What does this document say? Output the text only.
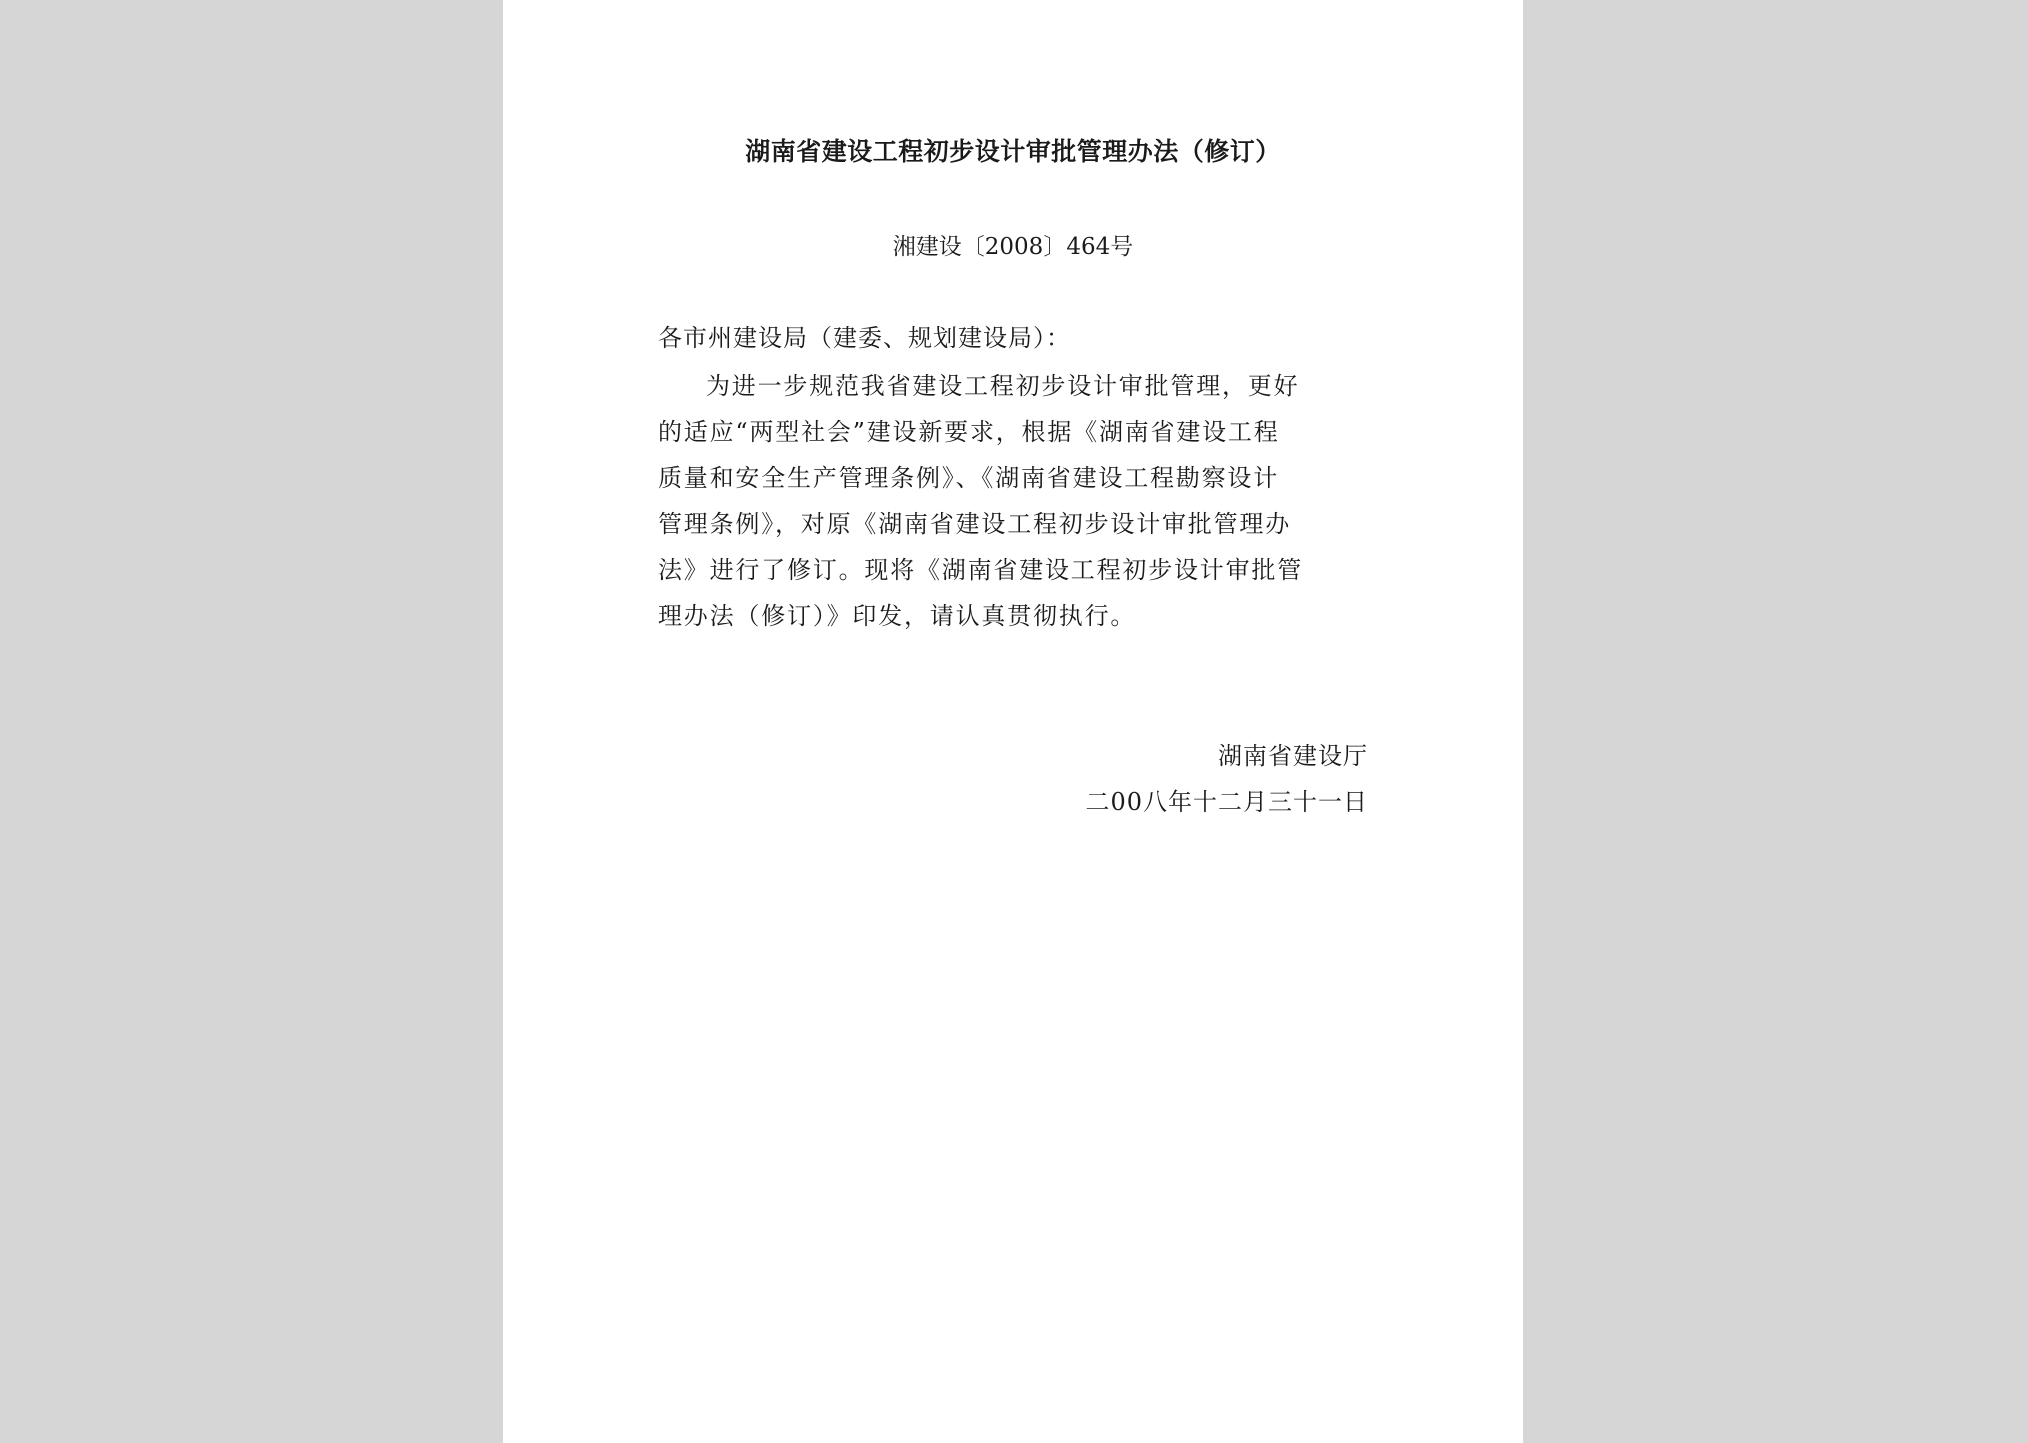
湖南省建设工程初步设计审批管理办法（修订）
湘建设〔2008〕464号
各市州建设局（建委、规划建设局）：
为进一步规范我省建设工程初步设计审批管理，更好
的适应“两型社会”建设新要求，根据《湖南省建设工程
质量和安全生产管理条例》、《湖南省建设工程勘察设计
管理条例》，对原《湖南省建设工程初步设计审批管理办
法》进行了修订。现将《湖南省建设工程初步设计审批管
理办法（修订）》印发，请认真贯彻执行。
湖南省建设厅
二00八年十二月三十一日
